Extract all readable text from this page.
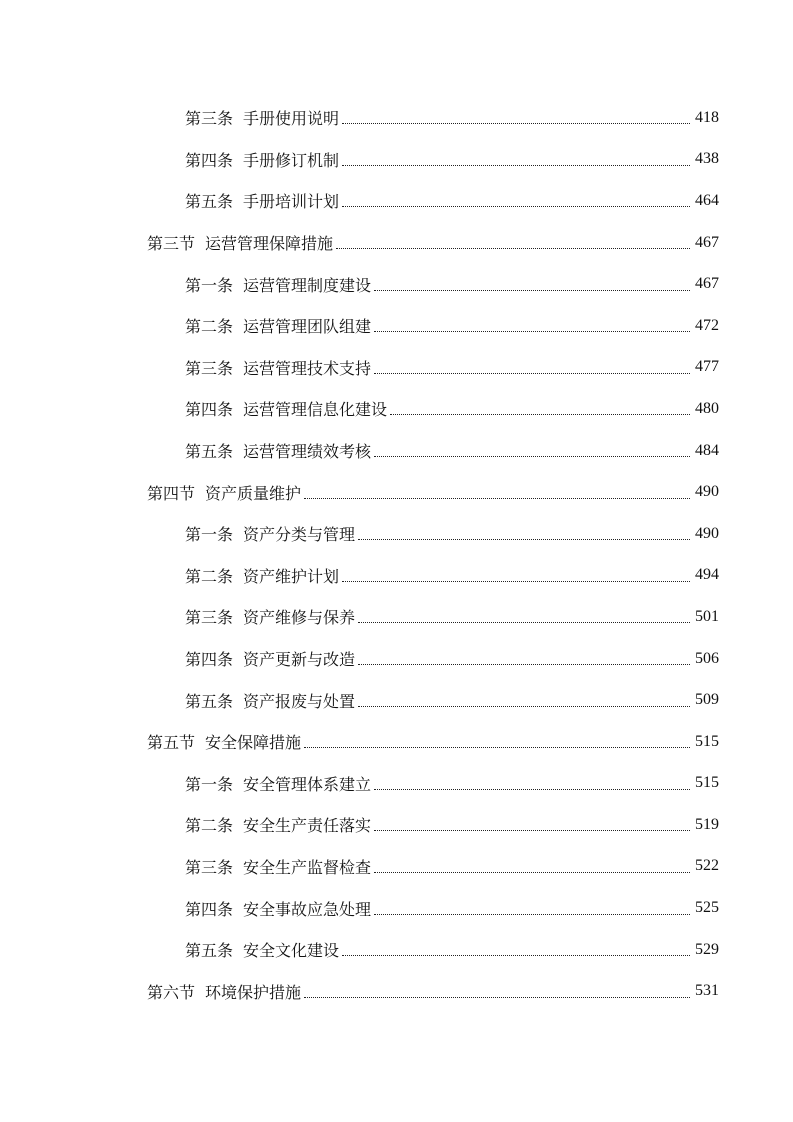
第三条 手册使用说明	418
第四条 手册修订机制	438
第五条 手册培训计划	464
第三节 运营管理保障措施	467
第一条 运营管理制度建设	467
第二条 运营管理团队组建	472
第三条 运营管理技术支持	477
第四条 运营管理信息化建设	480
第五条 运营管理绩效考核	484
第四节 资产质量维护	490
第一条 资产分类与管理	490
第二条 资产维护计划	494
第三条 资产维修与保养	501
第四条 资产更新与改造	506
第五条 资产报废与处置	509
第五节 安全保障措施	515
第一条 安全管理体系建立	515
第二条 安全生产责任落实	519
第三条 安全生产监督检查	522
第四条 安全事故应急处理	525
第五条 安全文化建设	529
第六节 环境保护措施	531
